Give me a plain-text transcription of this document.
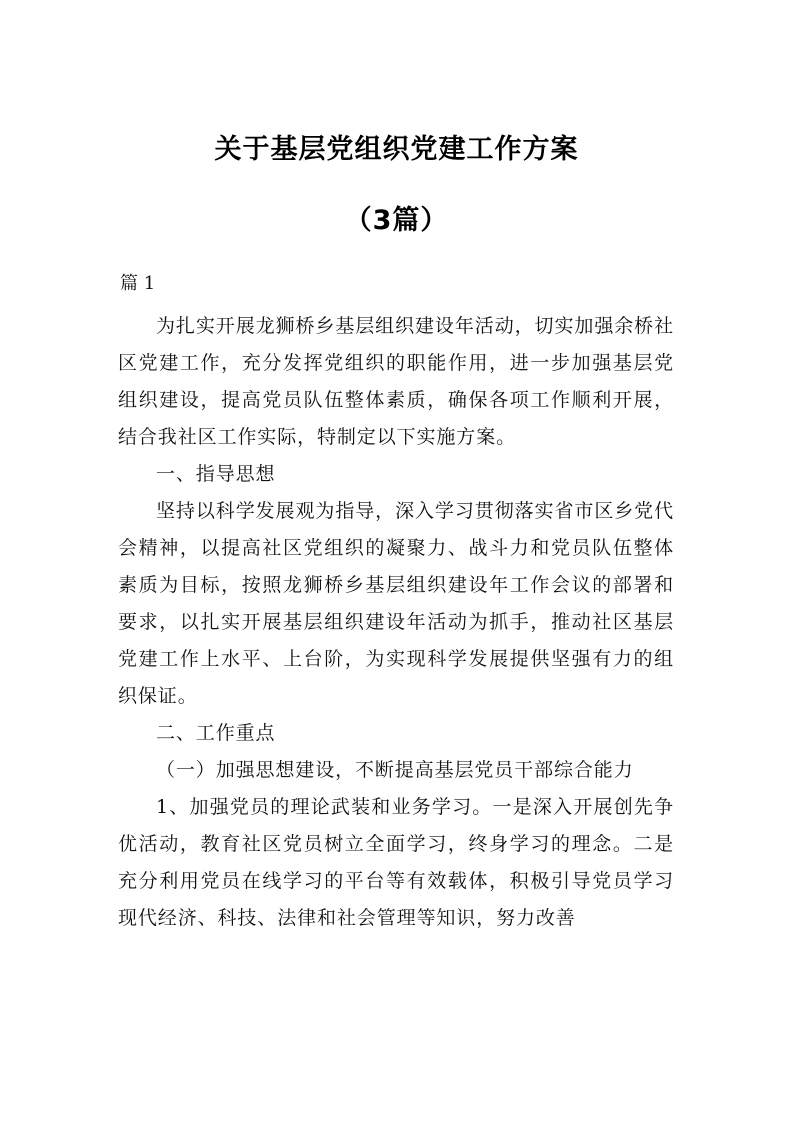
关于基层党组织党建工作方案
（3篇）
篇 1

为扎实开展龙狮桥乡基层组织建设年活动，切实加强余桥社区党建工作，充分发挥党组织的职能作用，进一步加强基层党组织建设，提高党员队伍整体素质，确保各项工作顺利开展，结合我社区工作实际，特制定以下实施方案。

一、指导思想

坚持以科学发展观为指导，深入学习贯彻落实省市区乡党代会精神，以提高社区党组织的凝聚力、战斗力和党员队伍整体素质为目标，按照龙狮桥乡基层组织建设年工作会议的部署和要求，以扎实开展基层组织建设年活动为抓手，推动社区基层党建工作上水平、上台阶，为实现科学发展提供坚强有力的组织保证。

二、工作重点

（一）加强思想建设，不断提高基层党员干部综合能力

1、加强党员的理论武装和业务学习。一是深入开展创先争优活动，教育社区党员树立全面学习，终身学习的理念。二是充分利用党员在线学习的平台等有效载体，积极引导党员学习现代经济、科技、法律和社会管理等知识，努力改善
